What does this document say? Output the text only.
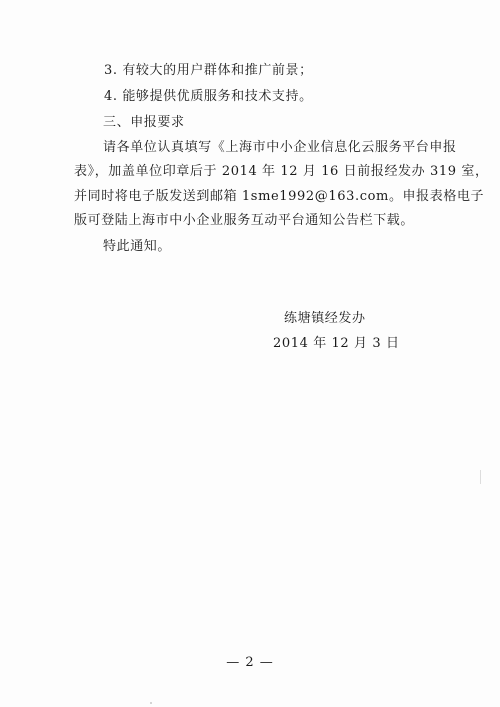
3. 有较大的用户群体和推广前景；
4. 能够提供优质服务和技术支持。
三、申报要求
请各单位认真填写《上海市中小企业信息化云服务平台申报
表》，加盖单位印章后于 2014 年 12 月 16 日前报经发办 319 室，
并同时将电子版发送到邮箱 1sme1992@163.com。申报表格电子
版可登陆上海市中小企业服务互动平台通知公告栏下载。
特此通知。
练塘镇经发办
2014 年 12 月 3 日
— 2 —
